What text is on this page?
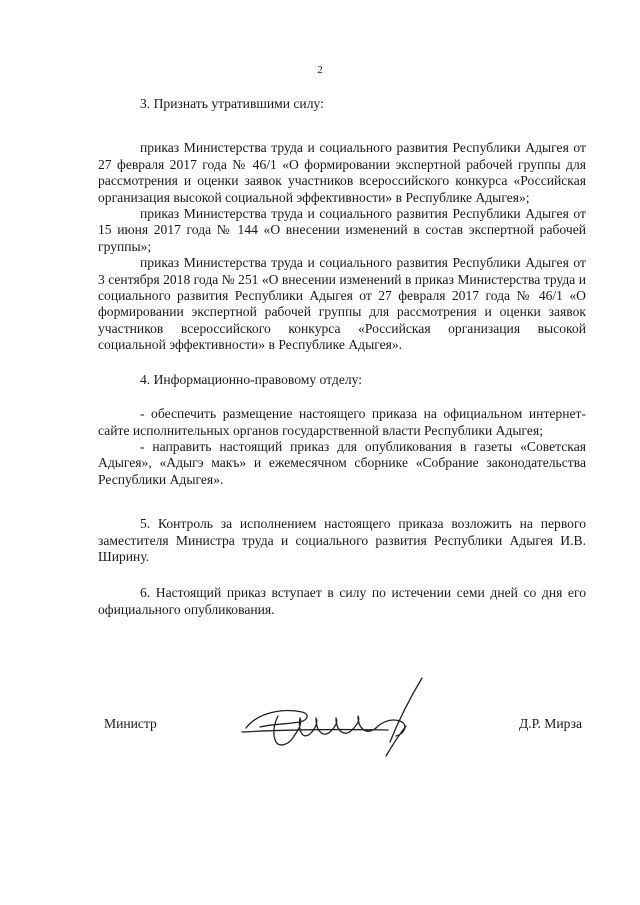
2

3. Признать утратившими силу:

приказ Министерства труда и социального развития Республики Адыгея от 27 февраля 2017 года № 46/1 «О формировании экспертной рабочей группы для рассмотрения и оценки заявок участников всероссийского конкурса «Российская организация высокой социальной эффективности» в Республике Адыгея»;

приказ Министерства труда и социального развития Республики Адыгея от 15 июня 2017 года № 144 «О внесении изменений в состав экспертной рабочей группы»;

приказ Министерства труда и социального развития Республики Адыгея от 3 сентября 2018 года № 251 «О внесении изменений в приказ Министерства труда и социального развития Республики Адыгея от 27 февраля 2017 года № 46/1 «О формировании экспертной рабочей группы для рассмотрения и оценки заявок участников всероссийского конкурса «Российская организация высокой социальной эффективности» в Республике Адыгея».

4. Информационно-правовому отделу:

- обеспечить размещение настоящего приказа на официальном интернет-сайте исполнительных органов государственной власти Республики Адыгея;

- направить настоящий приказ для опубликования в газеты «Советская Адыгея», «Адыгэ макъ» и ежемесячном сборнике «Собрание законодательства Республики Адыгея».

5. Контроль за исполнением настоящего приказа возложить на первого заместителя Министра труда и социального развития Республики Адыгея И.В. Ширину.

6. Настоящий приказ вступает в силу по истечении семи дней со дня его официального опубликования.

Министр	Д.Р. Мирза
